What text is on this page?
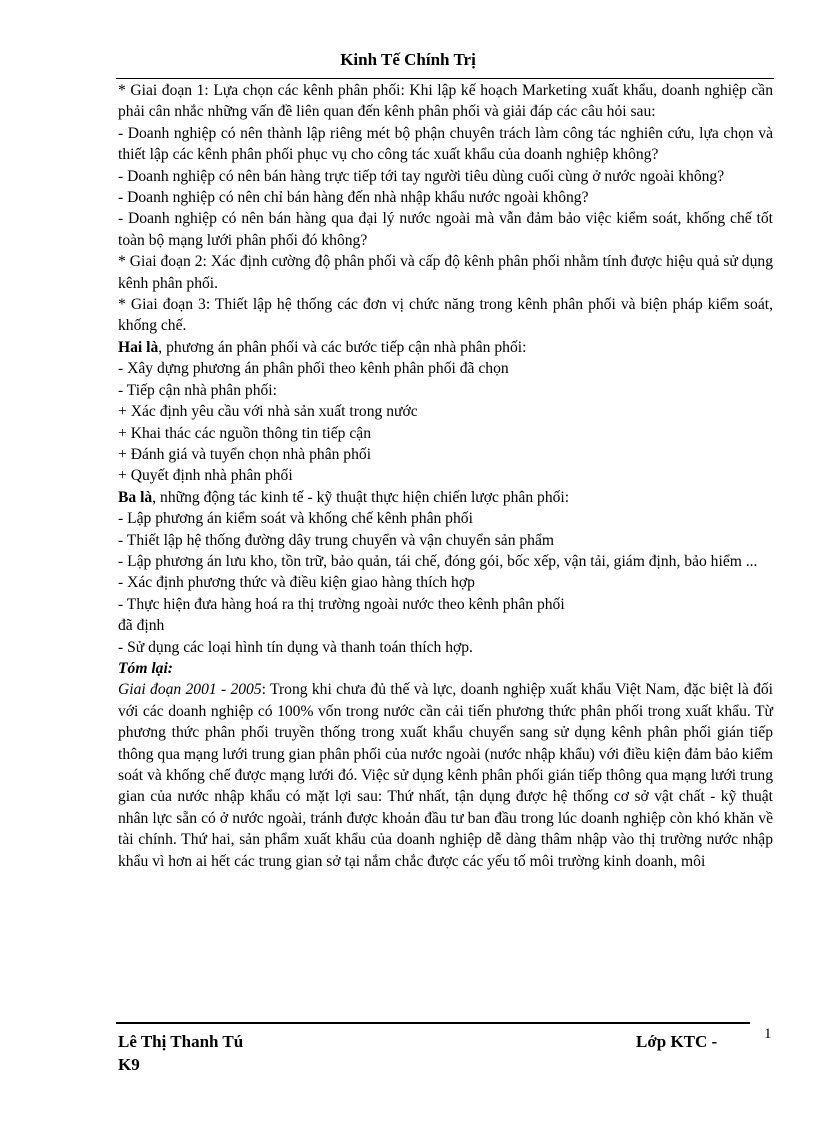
Kinh Tế Chính Trị

* Giai đoạn 1: Lựa chọn các kênh phân phối: Khi lập kế hoạch Marketing xuất khẩu, doanh nghiệp cần phải cân nhắc những vấn đề liên quan đến kênh phân phối và giải đáp các câu hỏi sau:

- Doanh nghiệp có nên thành lập riêng mét bộ phận chuyên trách làm công tác nghiên cứu, lựa chọn và thiết lập các kênh phân phối phục vụ cho công tác xuất khẩu của doanh nghiệp không?

- Doanh nghiệp có nên bán hàng trực tiếp tới tay người tiêu dùng cuối cùng ở nước ngoài không?

- Doanh nghiệp có nên chỉ bán hàng đến nhà nhập khẩu nước ngoài không?

- Doanh nghiệp có nên bán hàng qua đại lý nước ngoài mà vẫn đảm bảo việc kiểm soát, khống chế tốt toàn bộ mạng lưới phân phối đó không?

* Giai đoạn 2: Xác định cường độ phân phối và cấp độ kênh phân phối nhằm tính được hiệu quả sử dụng kênh phân phối.

* Giai đoạn 3: Thiết lập hệ thống các đơn vị chức năng trong kênh phân phối và biện pháp kiểm soát, khống chế.

Hai là, phương án phân phối và các bước tiếp cận nhà phân phối:

- Xây dựng phương án phân phối theo kênh phân phối đã chọn

- Tiếp cận nhà phân phối:

+ Xác định yêu cầu với nhà sản xuất trong nước

+ Khai thác các nguồn thông tin tiếp cận

+ Đánh giá và tuyển chọn nhà phân phối

+ Quyết định nhà phân phối

Ba là, những động tác kinh tế - kỹ thuật thực hiện chiến lược phân phối:

- Lập phương án kiểm soát và khống chế kênh phân phối

- Thiết lập hệ thống đường dây trung chuyển và vận chuyển sản phẩm

- Lập phương án lưu kho, tồn trữ, bảo quản, tái chế, đóng gói, bốc xếp, vận tải, giám định, bảo hiểm ...

- Xác định phương thức và điều kiện giao hàng thích hợp

- Thực hiện đưa hàng hoá ra thị trường ngoài nước theo kênh phân phối

đã định

- Sử dụng các loại hình tín dụng và thanh toán thích hợp.

Tóm lại:

Giai đoạn 2001 - 2005: Trong khi chưa đủ thế và lực, doanh nghiệp xuất khẩu Việt Nam, đặc biệt là đối với các doanh nghiệp có 100% vốn trong nước cần cải tiến phương thức phân phối trong xuất khẩu. Từ phương thức phân phối truyền thống trong xuất khẩu chuyển sang sử dụng kênh phân phối gián tiếp thông qua mạng lưới trung gian phân phối của nước ngoài (nước nhập khẩu) với điều kiện đảm bảo kiểm soát và khống chế được mạng lưới đó. Việc sử dụng kênh phân phối gián tiếp thông qua mạng lưới trung gian của nước nhập khẩu có mặt lợi sau: Thứ nhất, tận dụng được hệ thống cơ sở vật chất - kỹ thuật nhân lực sẵn có ở nước ngoài, tránh được khoản đầu tư ban đầu trong lúc doanh nghiệp còn khó khăn về tài chính. Thứ hai, sản phẩm xuất khẩu của doanh nghiệp dễ dàng thâm nhập vào thị trường nước nhập khẩu vì hơn ai hết các trung gian sở tại nắm chắc được các yếu tố môi trường kinh doanh, môi

Lê Thị Thanh Tú	Lớp KTC -
K9
1
